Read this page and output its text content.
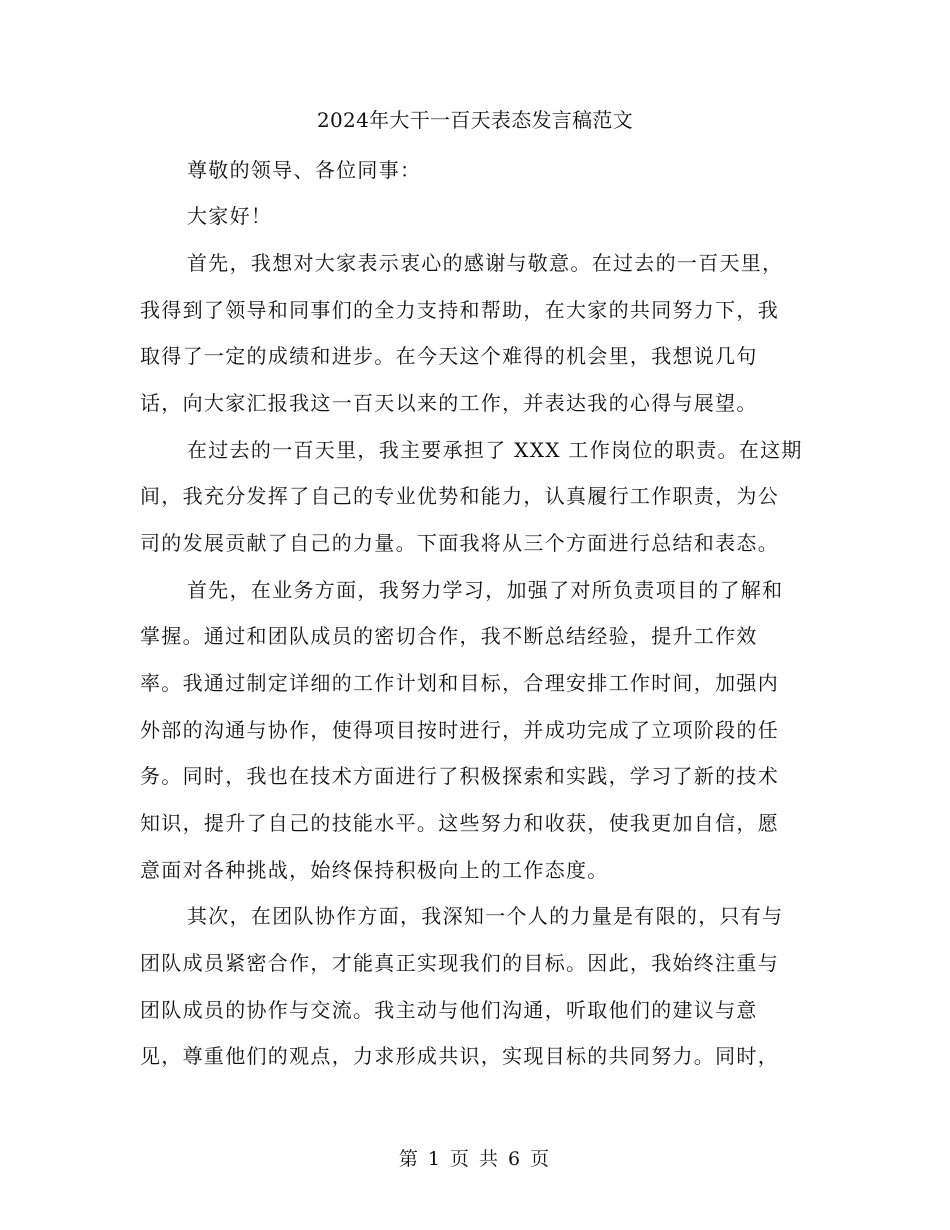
2024年大干一百天表态发言稿范文
尊敬的领导、各位同事：
大家好！
首先，我想对大家表示衷心的感谢与敬意。在过去的一百天里，
我得到了领导和同事们的全力支持和帮助，在大家的共同努力下，我
取得了一定的成绩和进步。在今天这个难得的机会里，我想说几句
话，向大家汇报我这一百天以来的工作，并表达我的心得与展望。
在过去的一百天里，我主要承担了 XXX 工作岗位的职责。在这期
间，我充分发挥了自己的专业优势和能力，认真履行工作职责，为公
司的发展贡献了自己的力量。下面我将从三个方面进行总结和表态。
首先，在业务方面，我努力学习，加强了对所负责项目的了解和
掌握。通过和团队成员的密切合作，我不断总结经验，提升工作效
率。我通过制定详细的工作计划和目标，合理安排工作时间，加强内
外部的沟通与协作，使得项目按时进行，并成功完成了立项阶段的任
务。同时，我也在技术方面进行了积极探索和实践，学习了新的技术
知识，提升了自己的技能水平。这些努力和收获，使我更加自信，愿
意面对各种挑战，始终保持积极向上的工作态度。
其次，在团队协作方面，我深知一个人的力量是有限的，只有与
团队成员紧密合作，才能真正实现我们的目标。因此，我始终注重与
团队成员的协作与交流。我主动与他们沟通，听取他们的建议与意
见，尊重他们的观点，力求形成共识，实现目标的共同努力。同时，
第 1 页 共 6 页
